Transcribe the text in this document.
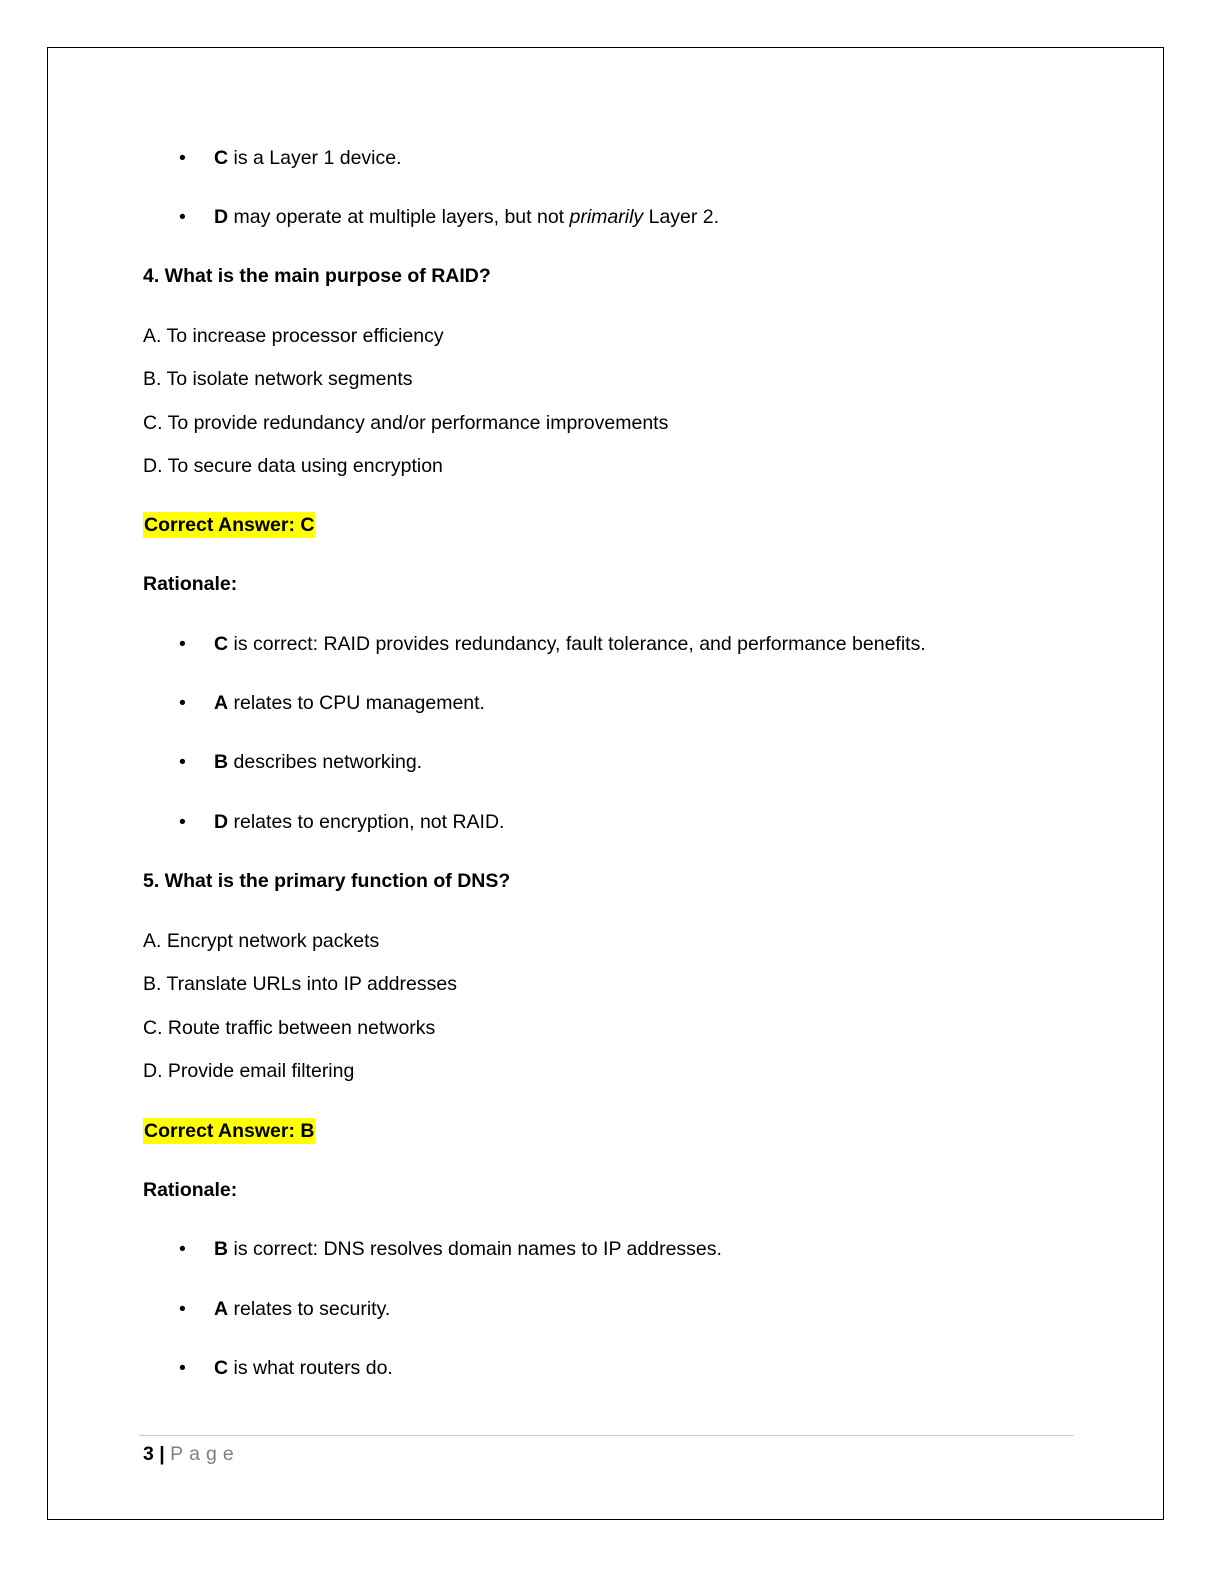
• C is a Layer 1 device.
• D may operate at multiple layers, but not primarily Layer 2.
4. What is the main purpose of RAID?
A. To increase processor efficiency
B. To isolate network segments
C. To provide redundancy and/or performance improvements
D. To secure data using encryption
Correct Answer: C
Rationale:
• C is correct: RAID provides redundancy, fault tolerance, and performance benefits.
• A relates to CPU management.
• B describes networking.
• D relates to encryption, not RAID.
5. What is the primary function of DNS?
A. Encrypt network packets
B. Translate URLs into IP addresses
C. Route traffic between networks
D. Provide email filtering
Correct Answer: B
Rationale:
• B is correct: DNS resolves domain names to IP addresses.
• A relates to security.
• C is what routers do.
3 | Page
